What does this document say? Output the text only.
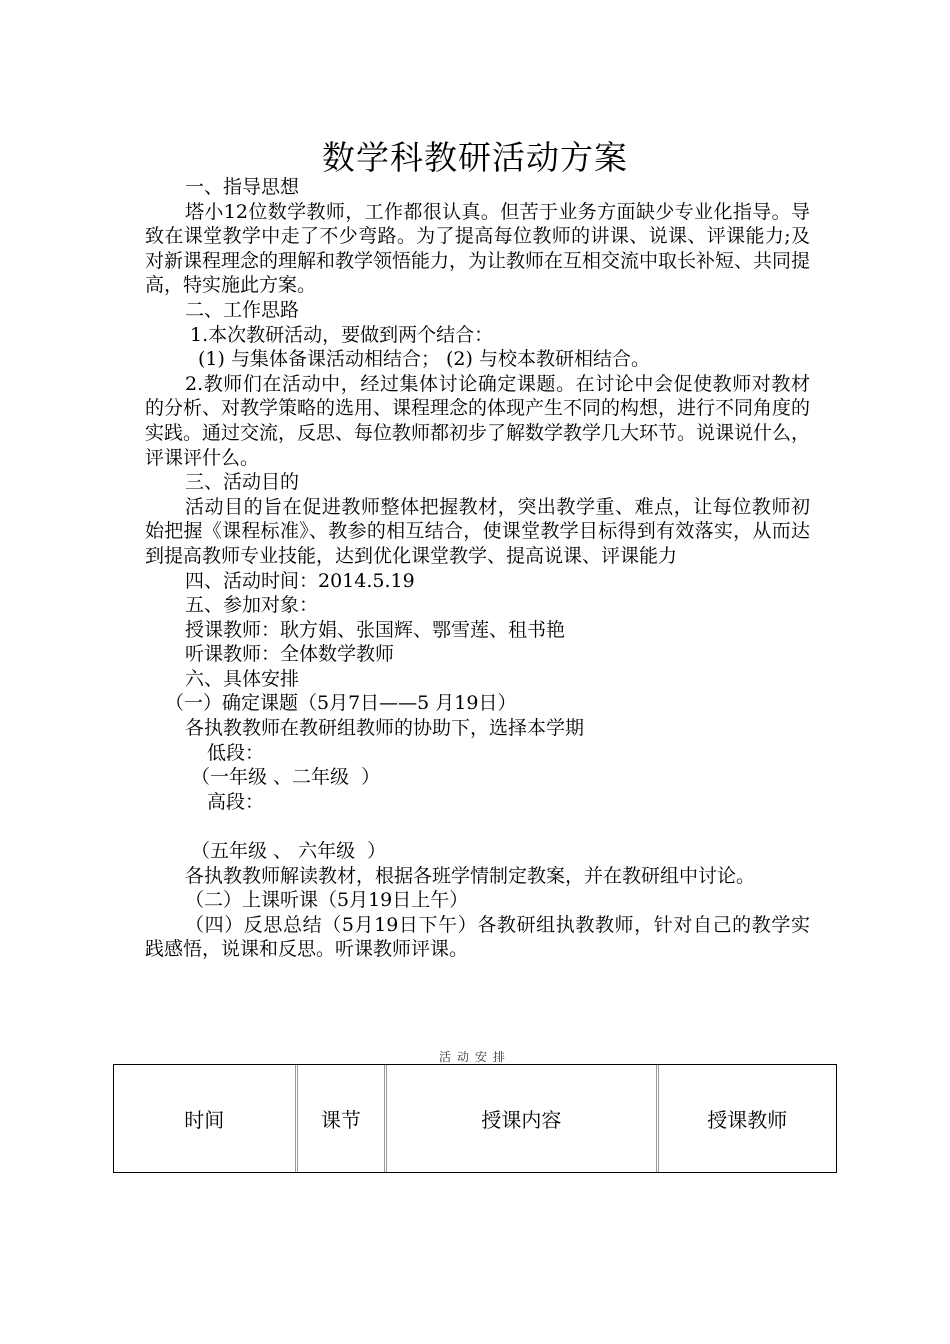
数学科教研活动方案

一、指导思想

塔小12位数学教师，工作都很认真。但苦于业务方面缺少专业化指导。导致在课堂教学中走了不少弯路。为了提高每位教师的讲课、说课、评课能力;及对新课程理念的理解和教学领悟能力，为让教师在互相交流中取长补短、共同提高，特实施此方案。

二、工作思路

1.本次教研活动，要做到两个结合：

(1) 与集体备课活动相结合； (2) 与校本教研相结合。

2.教师们在活动中，经过集体讨论确定课题。在讨论中会促使教师对教材的分析、对教学策略的选用、课程理念的体现产生不同的构想，进行不同角度的实践。通过交流，反思、每位教师都初步了解数学教学几大环节。说课说什么，评课评什么。

三、活动目的

活动目的旨在促进教师整体把握教材，突出教学重、难点，让每位教师初始把握《课程标准》、教参的相互结合，使课堂教学目标得到有效落实，从而达到提高教师专业技能，达到优化课堂教学、提高说课、评课能力

四、活动时间：2014.5.19

五、参加对象：

授课教师：耿方娟、张国辉、鄂雪莲、租书艳

听课教师：全体数学教师

六、具体安排

（一）确定课题（5月7日——5 月19日）

各执教教师在教研组教师的协助下，选择本学期

低段：

（一年级 、二年级  ）

高段：

（五年级 、 六年级  ）

各执教教师解读教材，根据各班学情制定教案，并在教研组中讨论。

（二）上课听课（5月19日上午）

（四）反思总结（5月19日下午）各教研组执教教师，针对自己的教学实践感悟，说课和反思。听课教师评课。

活动安排
时间	课节	授课内容	授课教师
